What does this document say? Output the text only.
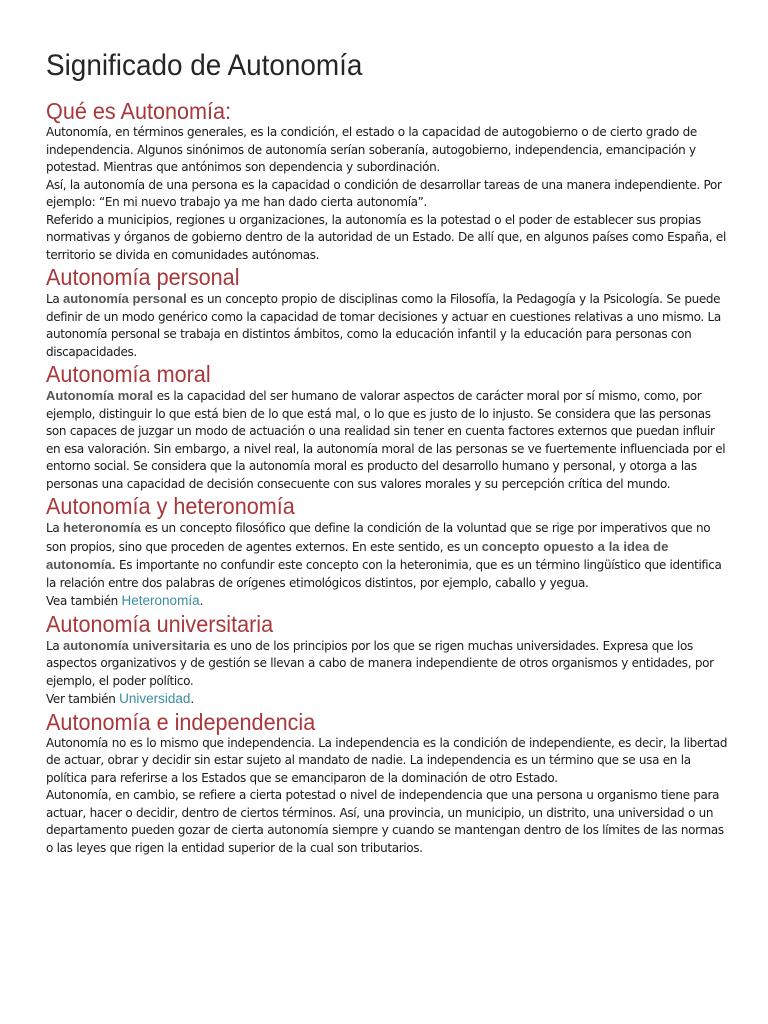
Significado de Autonomía
Qué es Autonomía:

Autonomía, en términos generales, es la condición, el estado o la capacidad de autogobierno o de cierto grado de independencia. Algunos sinónimos de autonomía serían soberanía, autogobierno, independencia, emancipación y potestad. Mientras que antónimos son dependencia y subordinación.

Así, la autonomía de una persona es la capacidad o condición de desarrollar tareas de una manera independiente. Por ejemplo: “En mi nuevo trabajo ya me han dado cierta autonomía”.

Referido a municipios, regiones u organizaciones, la autonomía es la potestad o el poder de establecer sus propias normativas y órganos de gobierno dentro de la autoridad de un Estado. De allí que, en algunos países como España, el territorio se divida en comunidades autónomas.

Autonomía personal

La autonomía personal es un concepto propio de disciplinas como la Filosofía, la Pedagogía y la Psicología. Se puede definir de un modo genérico como la capacidad de tomar decisiones y actuar en cuestiones relativas a uno mismo. La autonomía personal se trabaja en distintos ámbitos, como la educación infantil y la educación para personas con discapacidades.

Autonomía moral

Autonomía moral es la capacidad del ser humano de valorar aspectos de carácter moral por sí mismo, como, por ejemplo, distinguir lo que está bien de lo que está mal, o lo que es justo de lo injusto. Se considera que las personas son capaces de juzgar un modo de actuación o una realidad sin tener en cuenta factores externos que puedan influir en esa valoración. Sin embargo, a nivel real, la autonomía moral de las personas se ve fuertemente influenciada por el entorno social. Se considera que la autonomía moral es producto del desarrollo humano y personal, y otorga a las personas una capacidad de decisión consecuente con sus valores morales y su percepción crítica del mundo.

Autonomía y heteronomía

La heteronomía es un concepto filosófico que define la condición de la voluntad que se rige por imperativos que no son propios, sino que proceden de agentes externos. En este sentido, es un concepto opuesto a la idea de autonomía. Es importante no confundir este concepto con la heteronimia, que es un término lingüístico que identifica la relación entre dos palabras de orígenes etimológicos distintos, por ejemplo, caballo y yegua.

Vea también Heteronomía.

Autonomía universitaria

La autonomía universitaria es uno de los principios por los que se rigen muchas universidades. Expresa que los aspectos organizativos y de gestión se llevan a cabo de manera independiente de otros organismos y entidades, por ejemplo, el poder político.

Ver también Universidad.

Autonomía e independencia

Autonomía no es lo mismo que independencia. La independencia es la condición de independiente, es decir, la libertad de actuar, obrar y decidir sin estar sujeto al mandato de nadie. La independencia es un término que se usa en la política para referirse a los Estados que se emanciparon de la dominación de otro Estado.

Autonomía, en cambio, se refiere a cierta potestad o nivel de independencia que una persona u organismo tiene para actuar, hacer o decidir, dentro de ciertos términos. Así, una provincia, un municipio, un distrito, una universidad o un departamento pueden gozar de cierta autonomía siempre y cuando se mantengan dentro de los límites de las normas o las leyes que rigen la entidad superior de la cual son tributarios.
